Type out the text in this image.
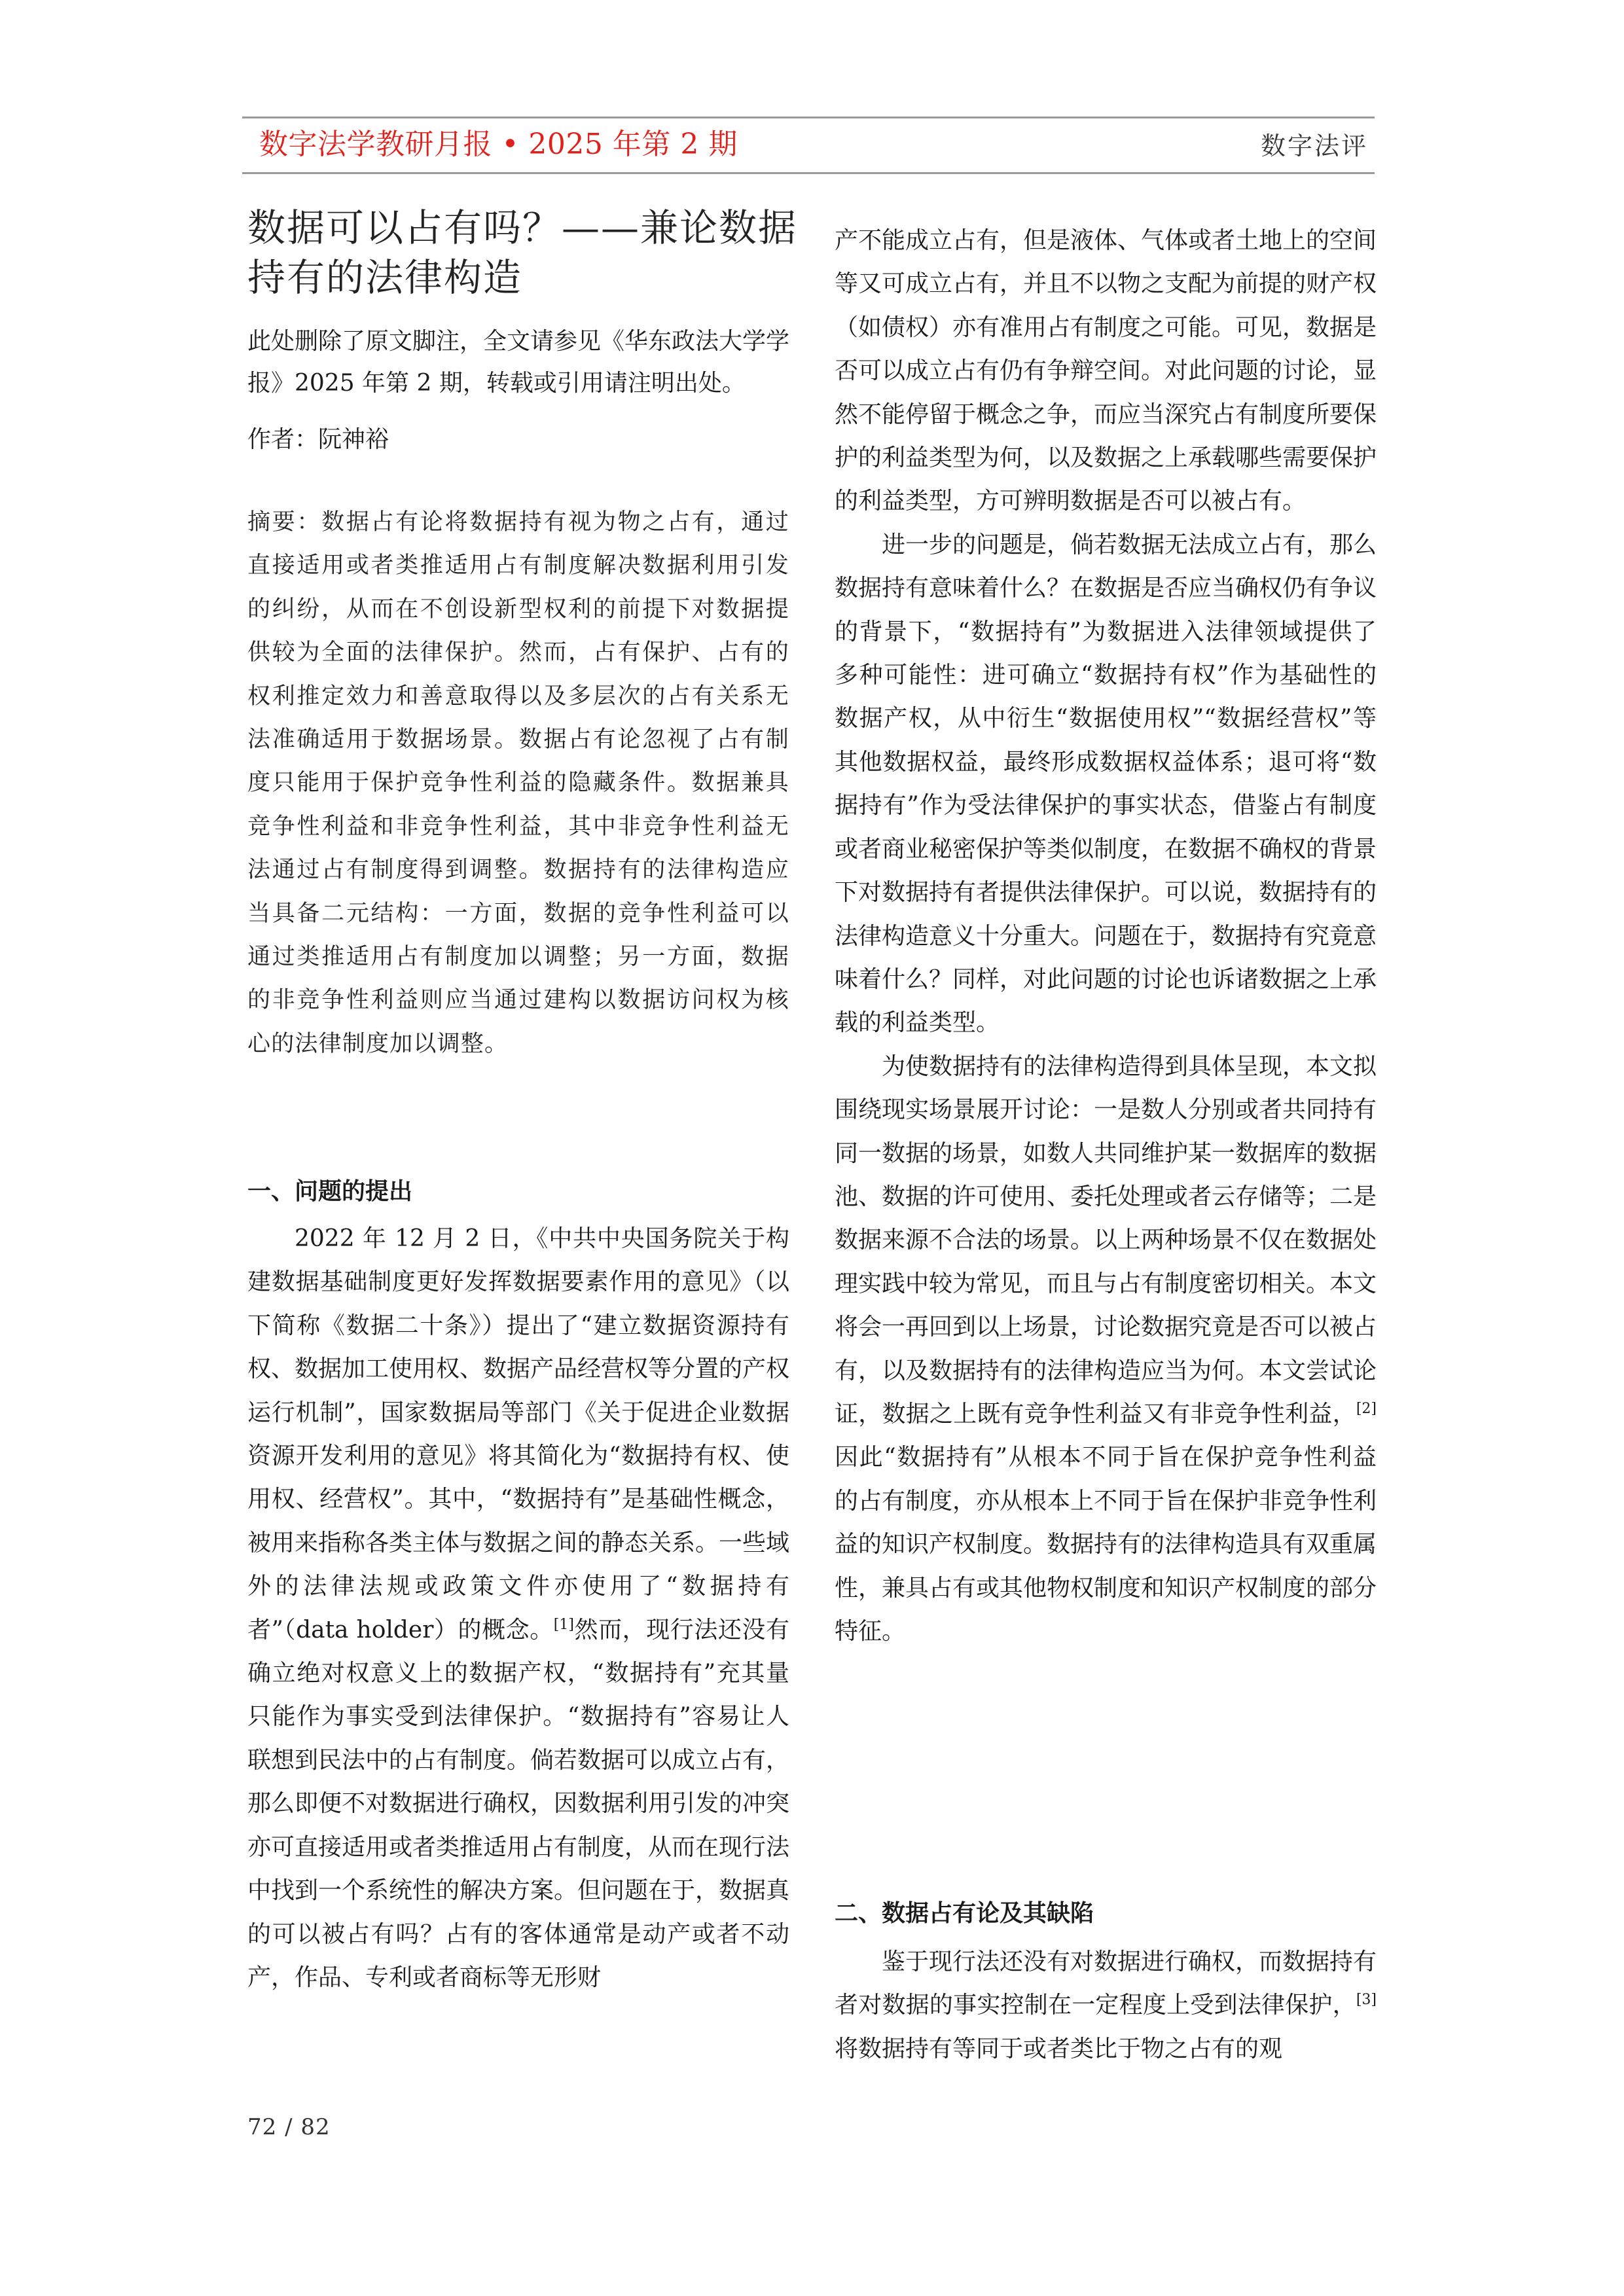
数字法学教研月报 • 2025 年第 2 期	数字法评
数据可以占有吗？——兼论数据持有的法律构造

此处删除了原文脚注，全文请参见《华东政法大学学报》2025 年第 2 期，转载或引用请注明出处。

作者：阮神裕

摘要：数据占有论将数据持有视为物之占有，通过直接适用或者类推适用占有制度解决数据利用引发的纠纷，从而在不创设新型权利的前提下对数据提供较为全面的法律保护。然而，占有保护、占有的权利推定效力和善意取得以及多层次的占有关系无法准确适用于数据场景。数据占有论忽视了占有制度只能用于保护竞争性利益的隐藏条件。数据兼具竞争性利益和非竞争性利益，其中非竞争性利益无法通过占有制度得到调整。数据持有的法律构造应当具备二元结构：一方面，数据的竞争性利益可以通过类推适用占有制度加以调整；另一方面，数据的非竞争性利益则应当通过建构以数据访问权为核心的法律制度加以调整。

一、问题的提出

2022 年 12 月 2 日，《中共中央国务院关于构建数据基础制度更好发挥数据要素作用的意见》（以下简称《数据二十条》）提出了“建立数据资源持有权、数据加工使用权、数据产品经营权等分置的产权运行机制”，国家数据局等部门《关于促进企业数据资源开发利用的意见》将其简化为“数据持有权、使用权、经营权”。其中，“数据持有”是基础性概念，被用来指称各类主体与数据之间的静态关系。一些域外的法律法规或政策文件亦使用了“数据持有者”（data holder）的概念。[1]然而，现行法还没有确立绝对权意义上的数据产权，“数据持有”充其量只能作为事实受到法律保护。“数据持有”容易让人联想到民法中的占有制度。倘若数据可以成立占有，那么即便不对数据进行确权，因数据利用引发的冲突亦可直接适用或者类推适用占有制度，从而在现行法中找到一个系统性的解决方案。但问题在于，数据真的可以被占有吗？占有的客体通常是动产或者不动产，作品、专利或者商标等无形财

产不能成立占有，但是液体、气体或者土地上的空间等又可成立占有，并且不以物之支配为前提的财产权（如债权）亦有准用占有制度之可能。可见，数据是否可以成立占有仍有争辩空间。对此问题的讨论，显然不能停留于概念之争，而应当深究占有制度所要保护的利益类型为何，以及数据之上承载哪些需要保护的利益类型，方可辨明数据是否可以被占有。

进一步的问题是，倘若数据无法成立占有，那么数据持有意味着什么？在数据是否应当确权仍有争议的背景下，“数据持有”为数据进入法律领域提供了多种可能性：进可确立“数据持有权”作为基础性的数据产权，从中衍生“数据使用权”“数据经营权”等其他数据权益，最终形成数据权益体系；退可将“数据持有”作为受法律保护的事实状态，借鉴占有制度或者商业秘密保护等类似制度，在数据不确权的背景下对数据持有者提供法律保护。可以说，数据持有的法律构造意义十分重大。问题在于，数据持有究竟意味着什么？同样，对此问题的讨论也诉诸数据之上承载的利益类型。

为使数据持有的法律构造得到具体呈现，本文拟围绕现实场景展开讨论：一是数人分别或者共同持有同一数据的场景，如数人共同维护某一数据库的数据池、数据的许可使用、委托处理或者云存储等；二是数据来源不合法的场景。以上两种场景不仅在数据处理实践中较为常见，而且与占有制度密切相关。本文将会一再回到以上场景，讨论数据究竟是否可以被占有，以及数据持有的法律构造应当为何。本文尝试论证，数据之上既有竞争性利益又有非竞争性利益，[2]因此“数据持有”从根本不同于旨在保护竞争性利益的占有制度，亦从根本上不同于旨在保护非竞争性利益的知识产权制度。数据持有的法律构造具有双重属性，兼具占有或其他物权制度和知识产权制度的部分特征。

二、数据占有论及其缺陷

鉴于现行法还没有对数据进行确权，而数据持有者对数据的事实控制在一定程度上受到法律保护，[3]将数据持有等同于或者类比于物之占有的观

72 / 82
